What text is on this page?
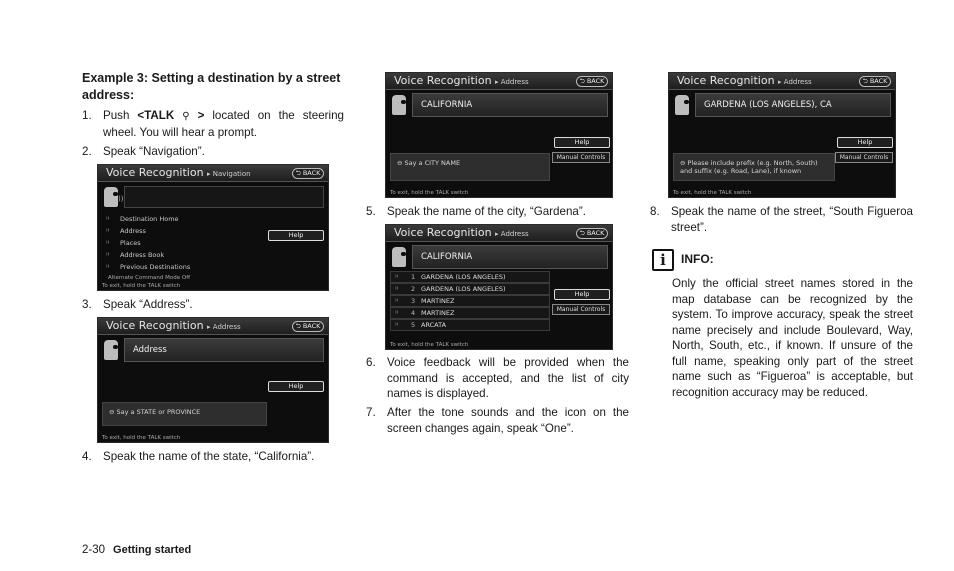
Example 3: Setting a destination by a street address:
1. Push <TALK ⚲ > located on the steering wheel. You will hear a prompt.
2. Speak “Navigation”.
Voice Recognition ▸ Navigation	⮌ BACK
))
⁾⁾ Destination Home
⁾⁾ Address
⁾⁾ Places
⁾⁾ Address Book
⁾⁾ Previous Destinations
Help
Alternate Command Mode Off
To exit, hold the TALK switch
3. Speak “Address”.
Voice Recognition ▸ Address	⮌ BACK
Address
Help
⊖ Say a STATE or PROVINCE
To exit, hold the TALK switch
4. Speak the name of the state, “California”.
Voice Recognition ▸ Address	⮌ BACK
CALIFORNIA
Help
Manual Controls
⊖ Say a CITY NAME
To exit, hold the TALK switch
5. Speak the name of the city, “Gardena”.
Voice Recognition ▸ Address	⮌ BACK
CALIFORNIA
⁾⁾ 1 GARDENA (LOS ANGELES)
⁾⁾ 2 GARDENA (LOS ANGELES)
⁾⁾ 3 MARTINEZ
⁾⁾ 4 MARTINEZ
⁾⁾ 5 ARCATA
Help
Manual Controls
To exit, hold the TALK switch
6. Voice feedback will be provided when the command is accepted, and the list of city names is displayed.
7. After the tone sounds and the icon on the screen changes again, speak “One”.
Voice Recognition ▸ Address	⮌ BACK
GARDENA (LOS ANGELES), CA
Help
Manual Controls
⊖ Please include prefix (e.g. North, South)
and suffix (e.g. Road, Lane), if known
To exit, hold the TALK switch
8. Speak the name of the street, “South Figueroa street”.
i	INFO:
Only the official street names stored in the map database can be recognized by the system. To improve accuracy, speak the street name precisely and include Boulevard, Way, North, South, etc., if known. If unsure of the full name, speaking only part of the street name such as “Figueroa” is acceptable, but recognition accuracy may be reduced.
2-30 Getting started
